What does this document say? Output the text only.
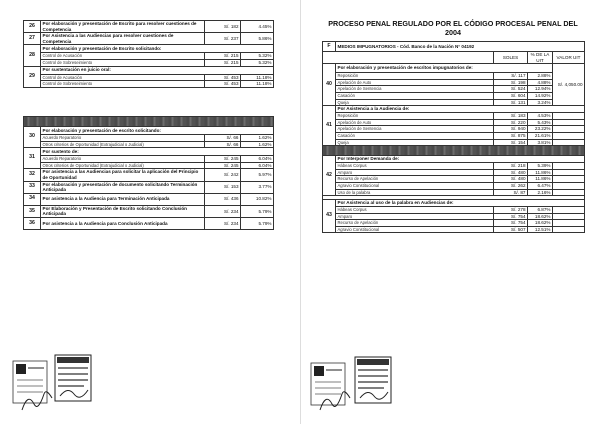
26	Por elaboración y presentación de Escrito para resolver cuestiones de Competencia	S/. 182	4.45%
27	Por Asistencia a las Audiencias para resolver cuestiones de Competencia	S/. 237	5.86%
28	Por elaboración y presentación de Escrito solicitando:		
	Control de Acusación	S/. 215	5.32%
	Control de Sobreseimiento	S/. 215	5.32%
29	Por sustentación en juicio oral:		
	Control de Acusación	S/. 453	11.18%
	Control de Sobreseimiento	S/. 453	11.18%

30	Por elaboración y presentación de escrito solicitando:		
	Acuerdo Reparatorio	S/. 66	1.62%
	Otros criterios de Oportunidad (Extrajudicial o Judicial)	S/. 66	1.62%
31	Por sustento de:		
	Acuerdo Reparatorio	S/. 245	6.04%
	Otros criterios de Oportunidad (Extrajudicial o Judicial)	S/. 245	6.04%
32	Por asistencia a las Audiencias para solicitar la aplicación del Principio de Oportunidad	S/. 242	5.97%
33	Por elaboración y presentación de documento solicitando Terminación Anticipada	S/. 153	3.77%
34	Por asistencia a la Audiencia para Terminación Anticipada	S/. 436	10.82%
35	Por Elaboración y Presentación de Escrito solicitando Conclusión Anticipada	S/. 234	5.79%
36	Por asistencia a la Audiencia para Conclusión Anticipada	S/. 234	5.79%
PROCESO PENAL REGULADO POR EL CÓDIGO PROCESAL PENAL DEL 2004
F	MEDIOS IMPUGNATORIOS - Cód. Banco de la Nación N° 04192			
		SOLES	% DE LA UIT	VALOR UIT
40	Por elaboración y presentación de escritos impugnatorios de:			S/. 4,050.00
	Reposición	S/. 117	2.88%	
	Apelación de Auto	S/. 198	4.88%	
	Apelación de Sentencia	S/. 524	12.94%	
	Casación	S/. 604	14.92%	
	Queja	S/. 131	3.24%	
41	Por Asistencia a la Audiencia de:			
	Reposición	S/. 183	4.53%	
	Apelación de Auto	S/. 220	5.43%	
	Apelación de Sentencia	S/. 940	23.22%	
	Casación	S/. 875	21.61%	
	Queja	S/. 154	3.81%	

42	Por Interponer Demanda de:			
	Hábeas Corpus	S/. 218	5.39%	
	Amparo	S/. 480	11.86%	
	Recurso de Apelación	S/. 480	11.86%	
	Agravio Constitucional	S/. 262	6.47%	
	Uso de la palabra	S/. 87	2.16%	

43	Por Asistencia al uso de la palabra en Audiencias de:			
	Hábeas Corpus	S/. 278	6.87%	
	Amparo	S/. 754	18.62%	
	Recurso de Apelación	S/. 754	18.62%	
	Agravio Constitucional	S/. 507	12.51%	
